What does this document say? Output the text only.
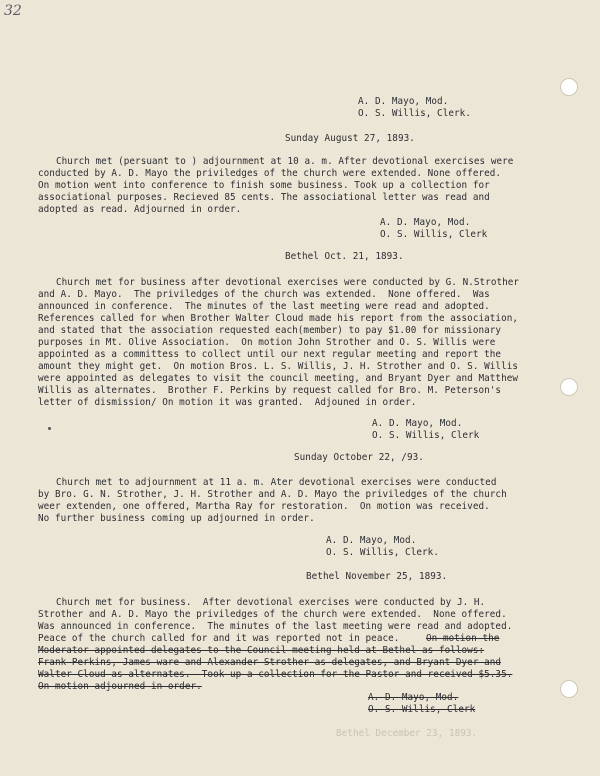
32
A. D. Mayo, Mod.
O. S. Willis, Clerk.
Sunday August 27, 1893.
Church met (persuant to ) adjournment at 10 a. m. After devotional exercises were
conducted by A. D. Mayo the priviledges of the church were extended. None offered.
On motion went into conference to finish some business. Took up a collection for
associational purposes. Recieved 85 cents. The associational letter was read and
adopted as read. Adjourned in order.
A. D. Mayo, Mod.
O. S. Willis, Clerk
Bethel Oct. 21, 1893.
Church met for business after devotional exercises were conducted by G. N.Strother
and A. D. Mayo.  The priviledges of the church was extended.  None offered.  Was
announced in conference.  The minutes of the last meeting were read and adopted.
References called for when Brother Walter Cloud made his report from the association,
and stated that the association requested each(member) to pay $1.00 for missionary
purposes in Mt. Olive Association.  On motion John Strother and O. S. Willis were
appointed as a committess to collect until our next regular meeting and report the
amount they might get.  On motion Bros. L. S. Willis, J. H. Strother and O. S. Willis
were appointed as delegates to visit the council meeting, and Bryant Dyer and Matthew
Willis as alternates.  Brother F. Perkins by request called for Bro. M. Peterson's
letter of dismission/ On motion it was granted.  Adjouned in order.
A. D. Mayo, Mod.
O. S. Willis, Clerk
Sunday October 22, /93.
Church met to adjournment at 11 a. m. Ater devotional exercises were conducted
by Bro. G. N. Strother, J. H. Strother and A. D. Mayo the priviledges of the church
weer extenden, one offered, Martha Ray for restoration.  On motion was received.
No further business coming up adjourned in order.
A. D. Mayo, Mod.
O. S. Willis, Clerk.
Bethel November 25, 1893.
Church met for business.  After devotional exercises were conducted by J. H.
Strother and A. D. Mayo the priviledges of the church were extended.  None offered.
Was announced in conference.  The minutes of the last meeting were read and adopted.
Peace of the church called for and it was reported not in peace.	On motion the
Moderator appointed delegates to the Council meeting held at Bethel as follows:
Frank Perkins, James ware and Alexander Strother as delegates, and Bryant Dyer and
Walter Cloud as alternates.  Took up a collection for the Pastor and received $5.35.
On motion adjourned in order.
A. D. Mayo, Mod.
O. S. Willis, Clerk
Bethel December 23, 1893.
